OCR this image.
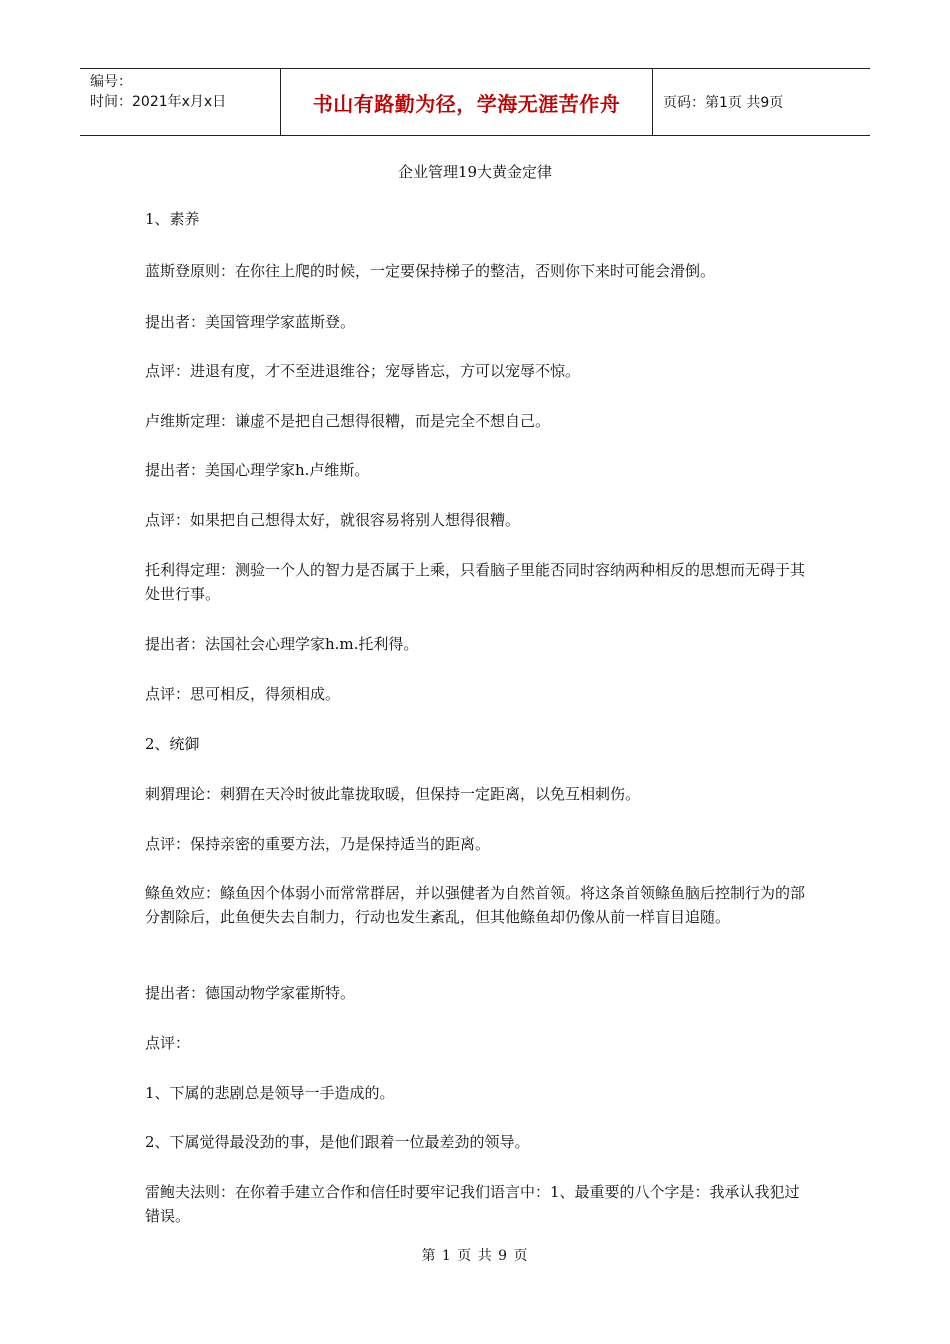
编号：
时间：2021年x月x日	书山有路勤为径，学海无涯苦作舟	页码：第1页 共9页
企业管理19大黄金定律

1、素养

蓝斯登原则：在你往上爬的时候，一定要保持梯子的整洁，否则你下来时可能会滑倒。

提出者：美国管理学家蓝斯登。

点评：进退有度，才不至进退维谷；宠辱皆忘，方可以宠辱不惊。

卢维斯定理：谦虚不是把自己想得很糟，而是完全不想自己。

提出者：美国心理学家h.卢维斯。

点评：如果把自己想得太好，就很容易将别人想得很糟。

托利得定理：测验一个人的智力是否属于上乘，只看脑子里能否同时容纳两种相反的思想而无碍于其处世行事。

提出者：法国社会心理学家h.m.托利得。

点评：思可相反，得须相成。

2、统御

刺猬理论：刺猬在天冷时彼此靠拢取暖，但保持一定距离，以免互相刺伤。

点评：保持亲密的重要方法，乃是保持适当的距离。

鲦鱼效应：鲦鱼因个体弱小而常常群居，并以强健者为自然首领。将这条首领鲦鱼脑后控制行为的部分割除后，此鱼便失去自制力，行动也发生紊乱，但其他鲦鱼却仍像从前一样盲目追随。

提出者：德国动物学家霍斯特。

点评：

1、下属的悲剧总是领导一手造成的。

2、下属觉得最没劲的事，是他们跟着一位最差劲的领导。

雷鲍夫法则：在你着手建立合作和信任时要牢记我们语言中：1、最重要的八个字是：我承认我犯过错误。

第 1 页 共 9 页
